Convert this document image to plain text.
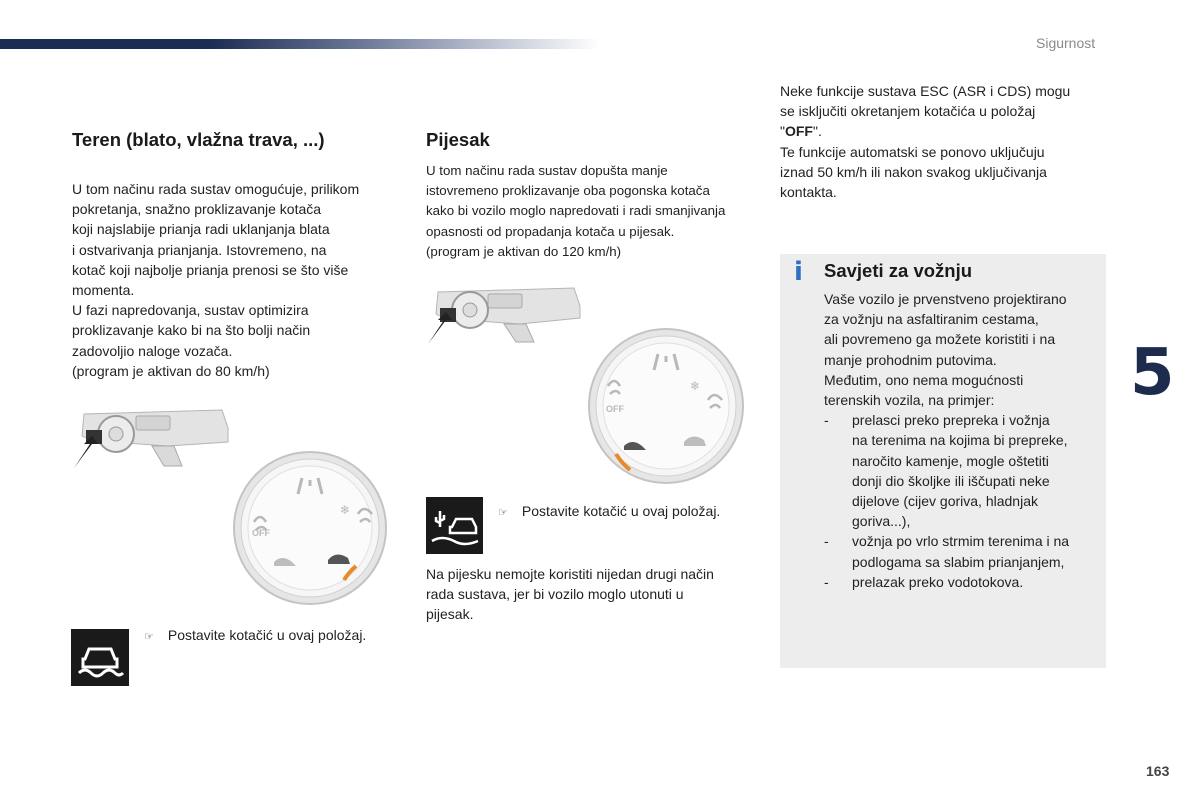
Sigurnost
Teren (blato, vlažna trava, ...)

U tom načinu rada sustav omogućuje, prilikom

pokretanja, snažno proklizavanje kotača

koji najslabije prianja radi uklanjanja blata

i ostvarivanja prianjanja. Istovremeno, na

kotač koji najbolje prianja prenosi se što više

momenta.

U fazi napredovanja, sustav optimizira

proklizavanje kako bi na što bolji način

zadovoljio naloge vozača.

(program je aktivan do 80 km/h)

OFF
❄
☞ Postavite kotačić u ovaj položaj.
Pijesak
U tom načinu rada sustav dopušta manje
istovremeno proklizavanje oba pogonska kotača
kako bi vozilo moglo napredovati i radi smanjivanja
opasnosti od propadanja kotača u pijesak.
(program je aktivan do 120 km/h)
OFF
❄
☞ Postavite kotačić u ovaj položaj.

Na pijesku nemojte koristiti nijedan drugi način

rada sustava, jer bi vozilo moglo utonuti u

pijesak.

Neke funkcije sustava ESC (ASR i CDS) mogu

se isključiti okretanjem kotačića u položaj

"OFF".

Te funkcije automatski se ponovo uključuju

iznad 50 km/h ili nakon svakog uključivanja

kontakta.

i Savjeti za vožnju

Vaše vozilo je prvenstveno projektirano

za vožnju na asfaltiranim cestama,

ali povremeno ga možete koristiti i na

manje prohodnim putovima.

Međutim, ono nema mogućnosti

terenskih vozila, na primjer:

- prelasci preko prepreka i vožnja
na terenima na kojima bi prepreke,
naročito kamenje, mogle oštetiti
donji dio školjke ili iščupati neke
dijelove (cijev goriva, hladnjak
goriva...),
- vožnja po vrlo strmim terenima i na
podlogama sa slabim prianjanjem,
- prelazak preko vodotokova.
5
163
